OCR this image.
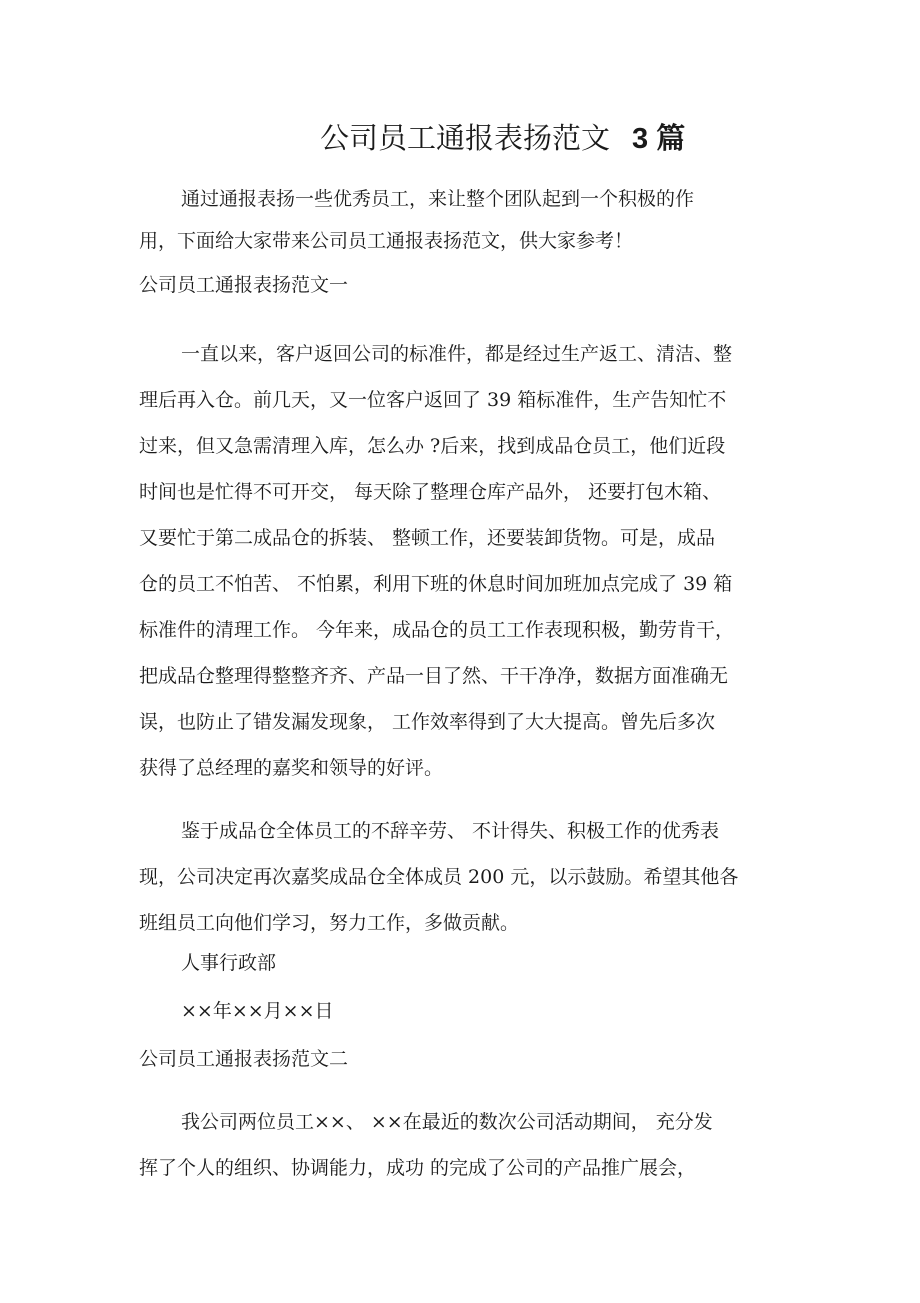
公司员工通报表扬范文 3 篇
通过通报表扬一些优秀员工，来让整个团队起到一个积极的作
用，下面给大家带来公司员工通报表扬范文，供大家参考！
公司员工通报表扬范文一
一直以来，客户返回公司的标准件，都是经过生产返工、清洁、整
理后再入仓。前几天，又一位客户返回了 39 箱标准件，生产告知忙不
过来，但又急需清理入库，怎么办 ?后来，找到成品仓员工，他们近段
时间也是忙得不可开交， 每天除了整理仓库产品外， 还要打包木箱、
又要忙于第二成品仓的拆装、 整顿工作，还要装卸货物。可是，成品
仓的员工不怕苦、 不怕累，利用下班的休息时间加班加点完成了 39 箱
标准件的清理工作。 今年来，成品仓的员工工作表现积极，勤劳肯干，
把成品仓整理得整整齐齐、产品一目了然、干干净净，数据方面准确无
误，也防止了错发漏发现象， 工作效率得到了大大提高。曾先后多次
获得了总经理的嘉奖和领导的好评。
鉴于成品仓全体员工的不辞辛劳、 不计得失、积极工作的优秀表
现，公司决定再次嘉奖成品仓全体成员 200 元，以示鼓励。希望其他各
班组员工向他们学习，努力工作，多做贡献。
人事行政部
××年××月××日
公司员工通报表扬范文二
我公司两位员工××、 ××在最近的数次公司活动期间， 充分发
挥了个人的组织、协调能力，成功 的完成了公司的产品推广展会，
